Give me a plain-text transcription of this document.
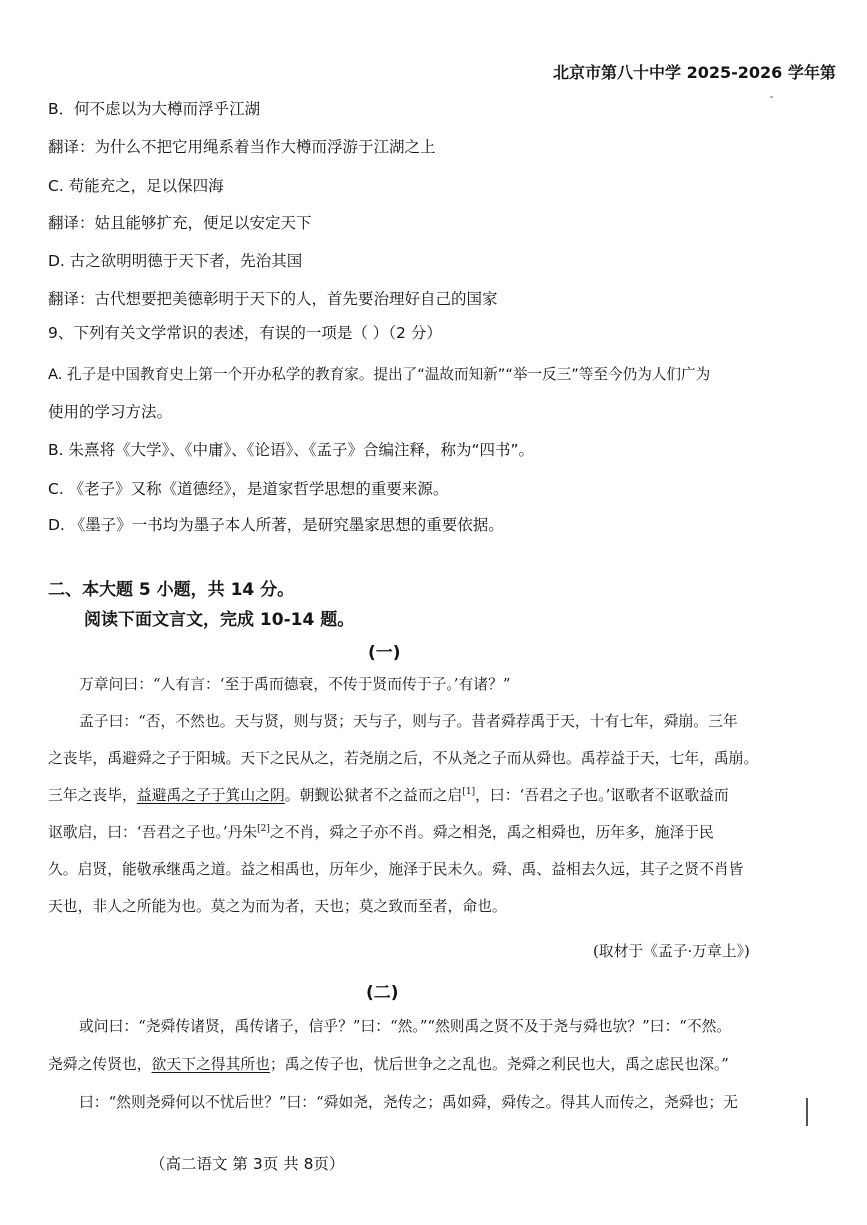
北京市第八十中学 2025-2026 学年第
B．何不虑以为大樽而浮乎江湖
翻译：为什么不把它用绳系着当作大樽而浮游于江湖之上
C. 苟能充之，足以保四海
翻译：姑且能够扩充，便足以安定天下
D. 古之欲明明德于天下者，先治其国
翻译：古代想要把美德彰明于天下的人，首先要治理好自己的国家
9、下列有关文学常识的表述，有误的一项是（ ）（2 分）
A. 孔子是中国教育史上第一个开办私学的教育家。提出了“温故而知新”“举一反三”等至今仍为人们广为
使用的学习方法。
B. 朱熹将《大学》、《中庸》、《论语》、《孟子》合编注释，称为“四书”。
C. 《老子》又称《道德经》，是道家哲学思想的重要来源。
D. 《墨子》一书均为墨子本人所著，是研究墨家思想的重要依据。
二、本大题 5 小题，共 14 分。
阅读下面文言文，完成 10-14 题。
(一)
万章问曰：“人有言：‘至于禹而德衰，不传于贤而传于子。’有诸？”
孟子曰：“否，不然也。天与贤，则与贤；天与子，则与子。昔者舜荐禹于天，十有七年，舜崩。三年
之丧毕，禹避舜之子于阳城。天下之民从之，若尧崩之后，不从尧之子而从舜也。禹荐益于天，七年，禹崩。
三年之丧毕，益避禹之子于箕山之阴。朝觐讼狱者不之益而之启[1]，曰：‘吾君之子也。’讴歌者不讴歌益而
讴歌启，曰：‘吾君之子也。’丹朱[2]之不肖，舜之子亦不肖。舜之相尧，禹之相舜也，历年多，施泽于民
久。启贤，能敬承继禹之道。益之相禹也，历年少，施泽于民未久。舜、禹、益相去久远，其子之贤不肖皆
天也，非人之所能为也。莫之为而为者，天也；莫之致而至者，命也。
(取材于《孟子·万章上》)
(二)
或问曰：“尧舜传诸贤，禹传诸子，信乎？”曰：“然。”“然则禹之贤不及于尧与舜也欤？”曰：“不然。
尧舜之传贤也，欲天下之得其所也；禹之传子也，忧后世争之之乱也。尧舜之利民也大，禹之虑民也深。”
曰：“然则尧舜何以不忧后世？”曰：“舜如尧，尧传之；禹如舜，舜传之。得其人而传之，尧舜也；无
（高二语文 第 3页 共 8页）
